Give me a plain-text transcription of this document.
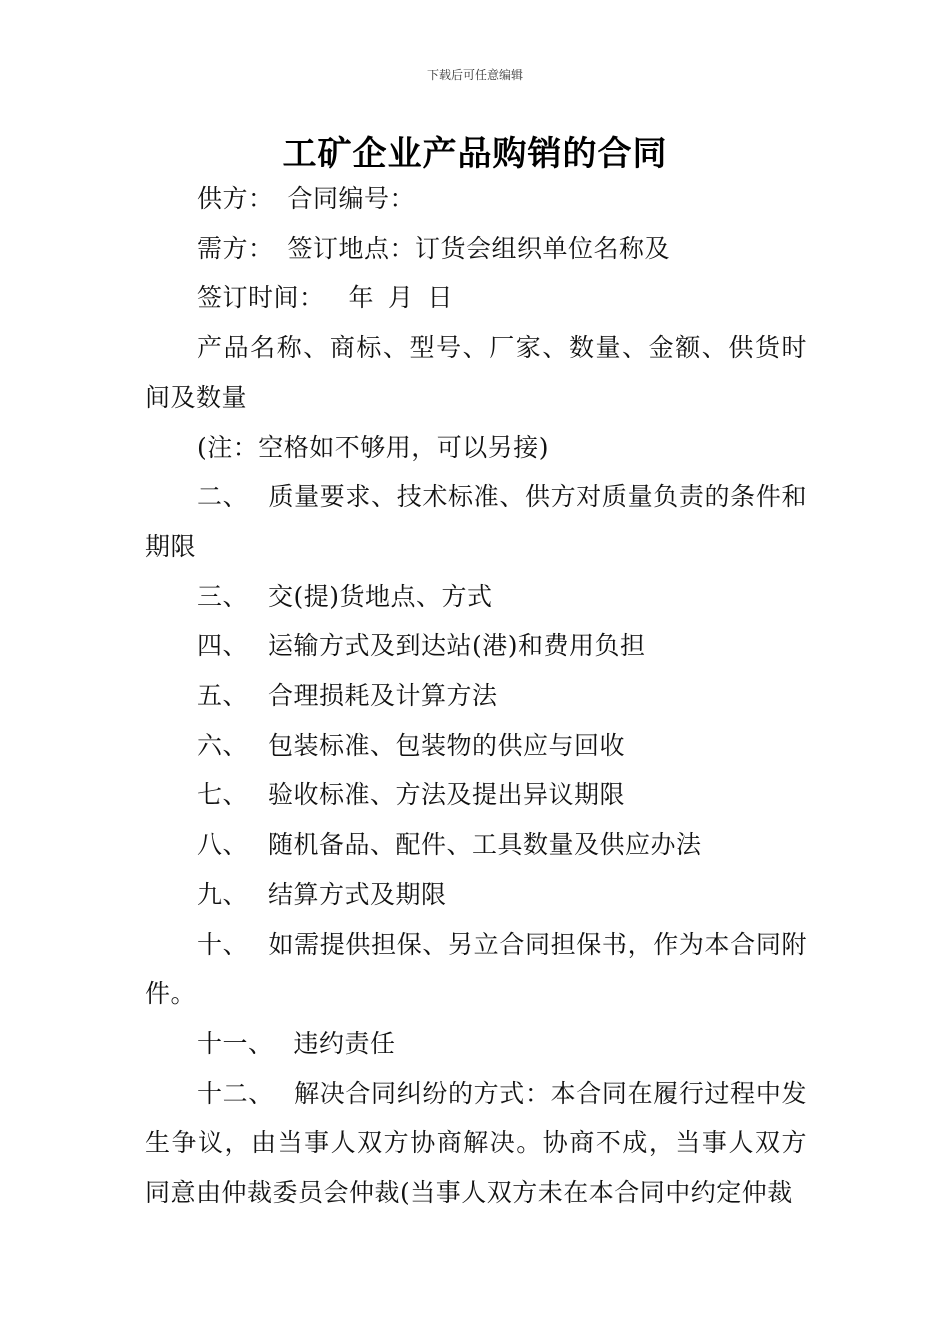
下载后可任意编辑
工矿企业产品购销的合同

供方： 合同编号：

需方： 签订地点：订货会组织单位名称及

签订时间： 年 月 日

产品名称、商标、型号、厂家、数量、金额、供货时间及数量

(注：空格如不够用，可以另接)

二、 质量要求、技术标准、供方对质量负责的条件和期限

三、 交(提)货地点、方式

四、 运输方式及到达站(港)和费用负担

五、 合理损耗及计算方法

六、 包装标准、包装物的供应与回收

七、 验收标准、方法及提出异议期限

八、 随机备品、配件、工具数量及供应办法

九、 结算方式及期限

十、 如需提供担保、另立合同担保书，作为本合同附件。

十一、 违约责任

十二、 解决合同纠纷的方式：本合同在履行过程中发生争议，由当事人双方协商解决。协商不成，当事人双方同意由仲裁委员会仲裁(当事人双方未在本合同中约定仲裁
